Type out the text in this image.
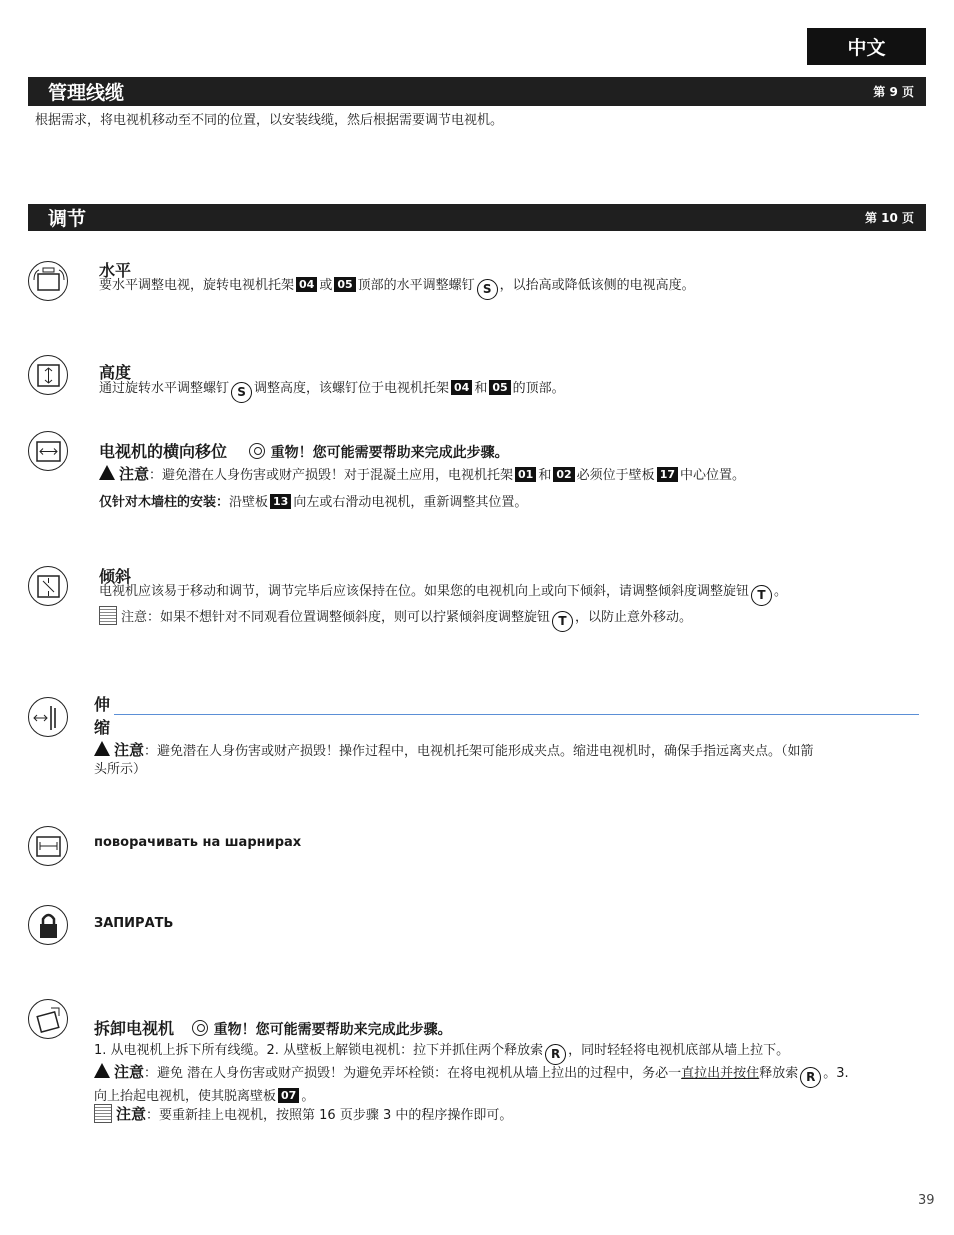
中文
管理线缆	第 9 页
根据需求，将电视机移动至不同的位置，以安装线缆，然后根据需要调节电视机。
调节	第 10 页
水平
要水平调整电视，旋转电视机托架 04 或 05 顶部的水平调整螺钉 S ，以抬高或降低该侧的电视高度。
高度
通过旋转水平调整螺钉 S 调整高度，该螺钉位于电视机托架 04 和 05 的顶部。
电视机的横向移位	重物！您可能需要帮助来完成此步骤。
注意：避免潜在人身伤害或财产损毁！对于混凝土应用，电视机托架 01 和 02 必须位于壁板 17 中心位置。
仅针对木墙柱的安装：沿壁板 13 向左或右滑动电视机，重新调整其位置。
倾斜
电视机应该易于移动和调节，调节完毕后应该保持在位。如果您的电视机向上或向下倾斜，请调整倾斜度调整旋钮 T 。
注意：如果不想针对不同观看位置调整倾斜度，则可以拧紧倾斜度调整旋钮 T ，以防止意外移动。
伸
缩
注意：避免潜在人身伤害或财产损毁！操作过程中，电视机托架可能形成夹点。缩进电视机时，确保手指远离夹点。（如箭
头所示）
поворачивать на шарнирах
ЗАПИРАТЬ
拆卸电视机	重物！您可能需要帮助来完成此步骤。
1. 从电视机上拆下所有线缆。2. 从壁板上解锁电视机：拉下并抓住两个释放索 R ，同时轻轻将电视机底部从墙上拉下。
注意：避免 潜在人身伤害或财产损毁！为避免弄坏栓锁：在将电视机从墙上拉出的过程中，务必一直拉出并按住释放索 R 。3.
向上抬起电视机，使其脱离壁板 07 。
注意：要重新挂上电视机，按照第 16 页步骤 3 中的程序操作即可。
39
